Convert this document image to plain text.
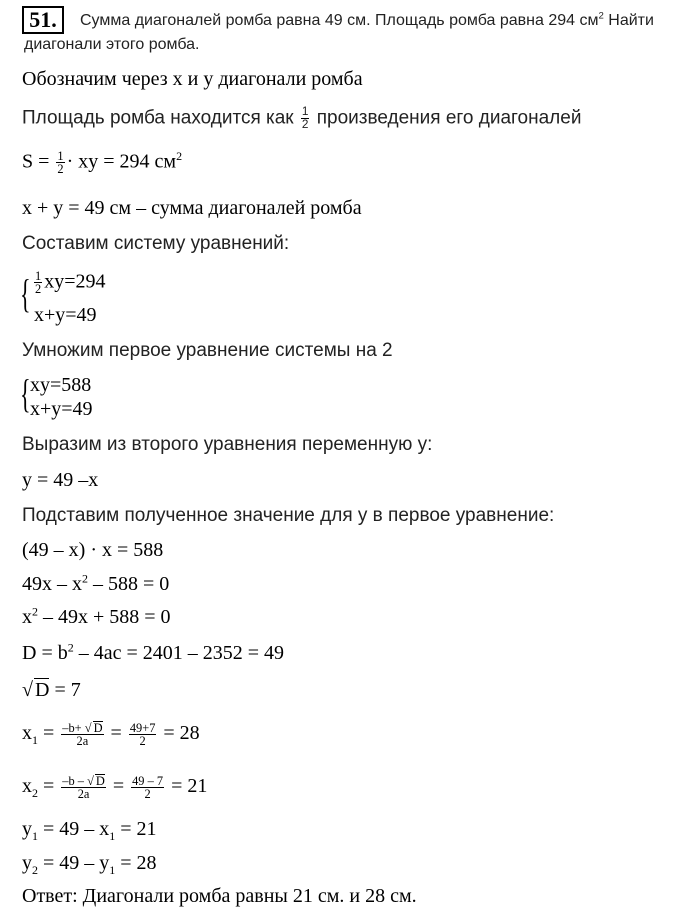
51.	Сумма диагоналей ромба равна 49 см. Площадь ромба равна 294 $см^2$ Найти
диагонали этого ромба.
Обозначим через х и у диагонали ромба
Площадь ромба находится как $\frac{1}{2}$ произведения его диагоналей
$S = \frac{1}{2}$ · xy = 294 $см^2$
x + y = 49 см – сумма диагоналей ромба
Составим систему уравнений:
{ $\frac{1}{2} xy=294$
x+y=49
Умножим первое уравнение системы на 2
{ xy=588
x+y=49
Выразим из второго уравнения переменную у:
y = 49 –x
Подставим полученное значение для у в первое уравнение:
(49 – x) · x = 588
$49x - x^2 - 588 = 0$
$x^2 - 49x + 588 = 0$
$D = b^2 - 4ac = 2401 - 2352 = 49$
√ D = 7
$x_1 = \frac{-b+ √ D}{2a} = \frac{49+7}{2} = 28$
$x_2 = \frac{-b - √ D}{2a} = \frac{49 - 7}{2} = 21$
$y_1 = 49 - x_1 = 21$
$y_2 = 49 - y_1 = 28$
Ответ: Диагонали ромба равны 21 см. и 28 см.
